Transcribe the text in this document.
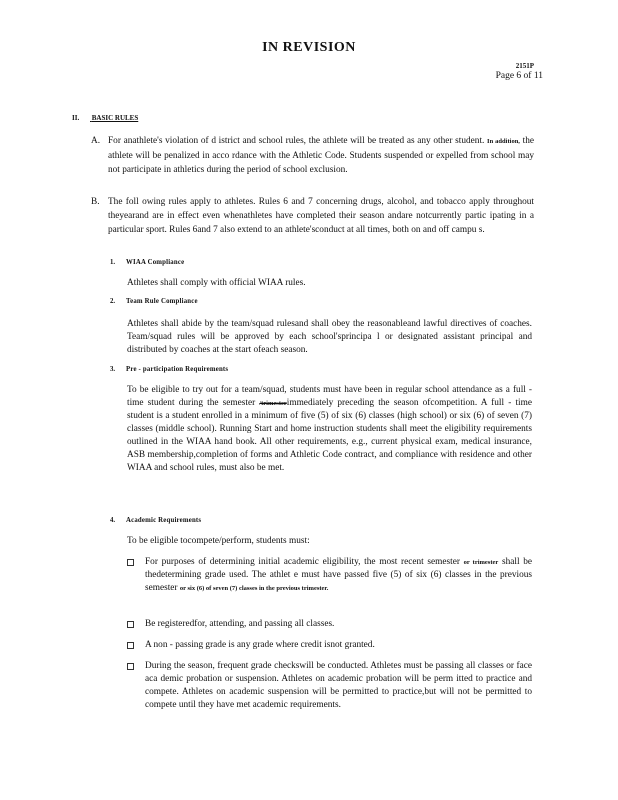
IN REVISION
2151P
Page 6 of 11
II. BASIC RULES
A. For anathlete's violation of d istrict and school rules, the athlete will be treated as any other student. In addition, the athlete will be penalized in acco rdance with the Athletic Code. Students suspended or expelled from school may not participate in athletics during the period of school exclusion.

B. The foll owing rules apply to athletes. Rules 6 and 7 concerning drugs, alcohol, and tobacco apply throughout theyearand are in effect even whenathletes have completed their season andare notcurrently partic ipating in a particular sport. Rules 6and 7 also extend to an athlete'sconduct at all times, both on and off campu s.

1. WIAA Compliance
Athletes shall comply with official WIAA rules.
2. Team Rule Compliance
Athletes shall abide by the team/squad rulesand shall obey the reasonableand lawful directives of coaches. Team/squad rules will be approved by each school'sprincipa l or designated assistant principal and distributed by coaches at the start ofeach season.
3. Pre - participation Requirements
To be eligible to try out for a team/squad, students must have been in regular school attendance as a full - time student during the semester /trimesterimmediately preceding the season ofcompetition. A full - time student is a student enrolled in a minimum of five (5) of six (6) classes (high school) or six (6) of seven (7) classes (middle school). Running Start and home instruction students shall meet the eligibility requirements outlined in the WIAA hand book. All other requirements, e.g., current physical exam, medical insurance, ASB membership,completion of forms and Athletic Code contract, and compliance with residence and other WIAA and school rules, must also be met.
4. Academic Requirements
To be eligible tocompete/perform, students must:
For purposes of determining initial academic eligibility, the most recent semester or trimester shall be thedetermining grade used. The athlet e must have passed five (5) of six (6) classes in the previous semester or six (6) of seven (7) classes in the previous trimester.
Be registeredfor, attending, and passing all classes.
A non - passing grade is any grade where credit isnot granted.
During the season, frequent grade checkswill be conducted. Athletes must be passing all classes or face aca demic probation or suspension. Athletes on academic probation will be perm itted to practice and compete. Athletes on academic suspension will be permitted to practice,but will not be permitted to compete until they have met academic requirements.
